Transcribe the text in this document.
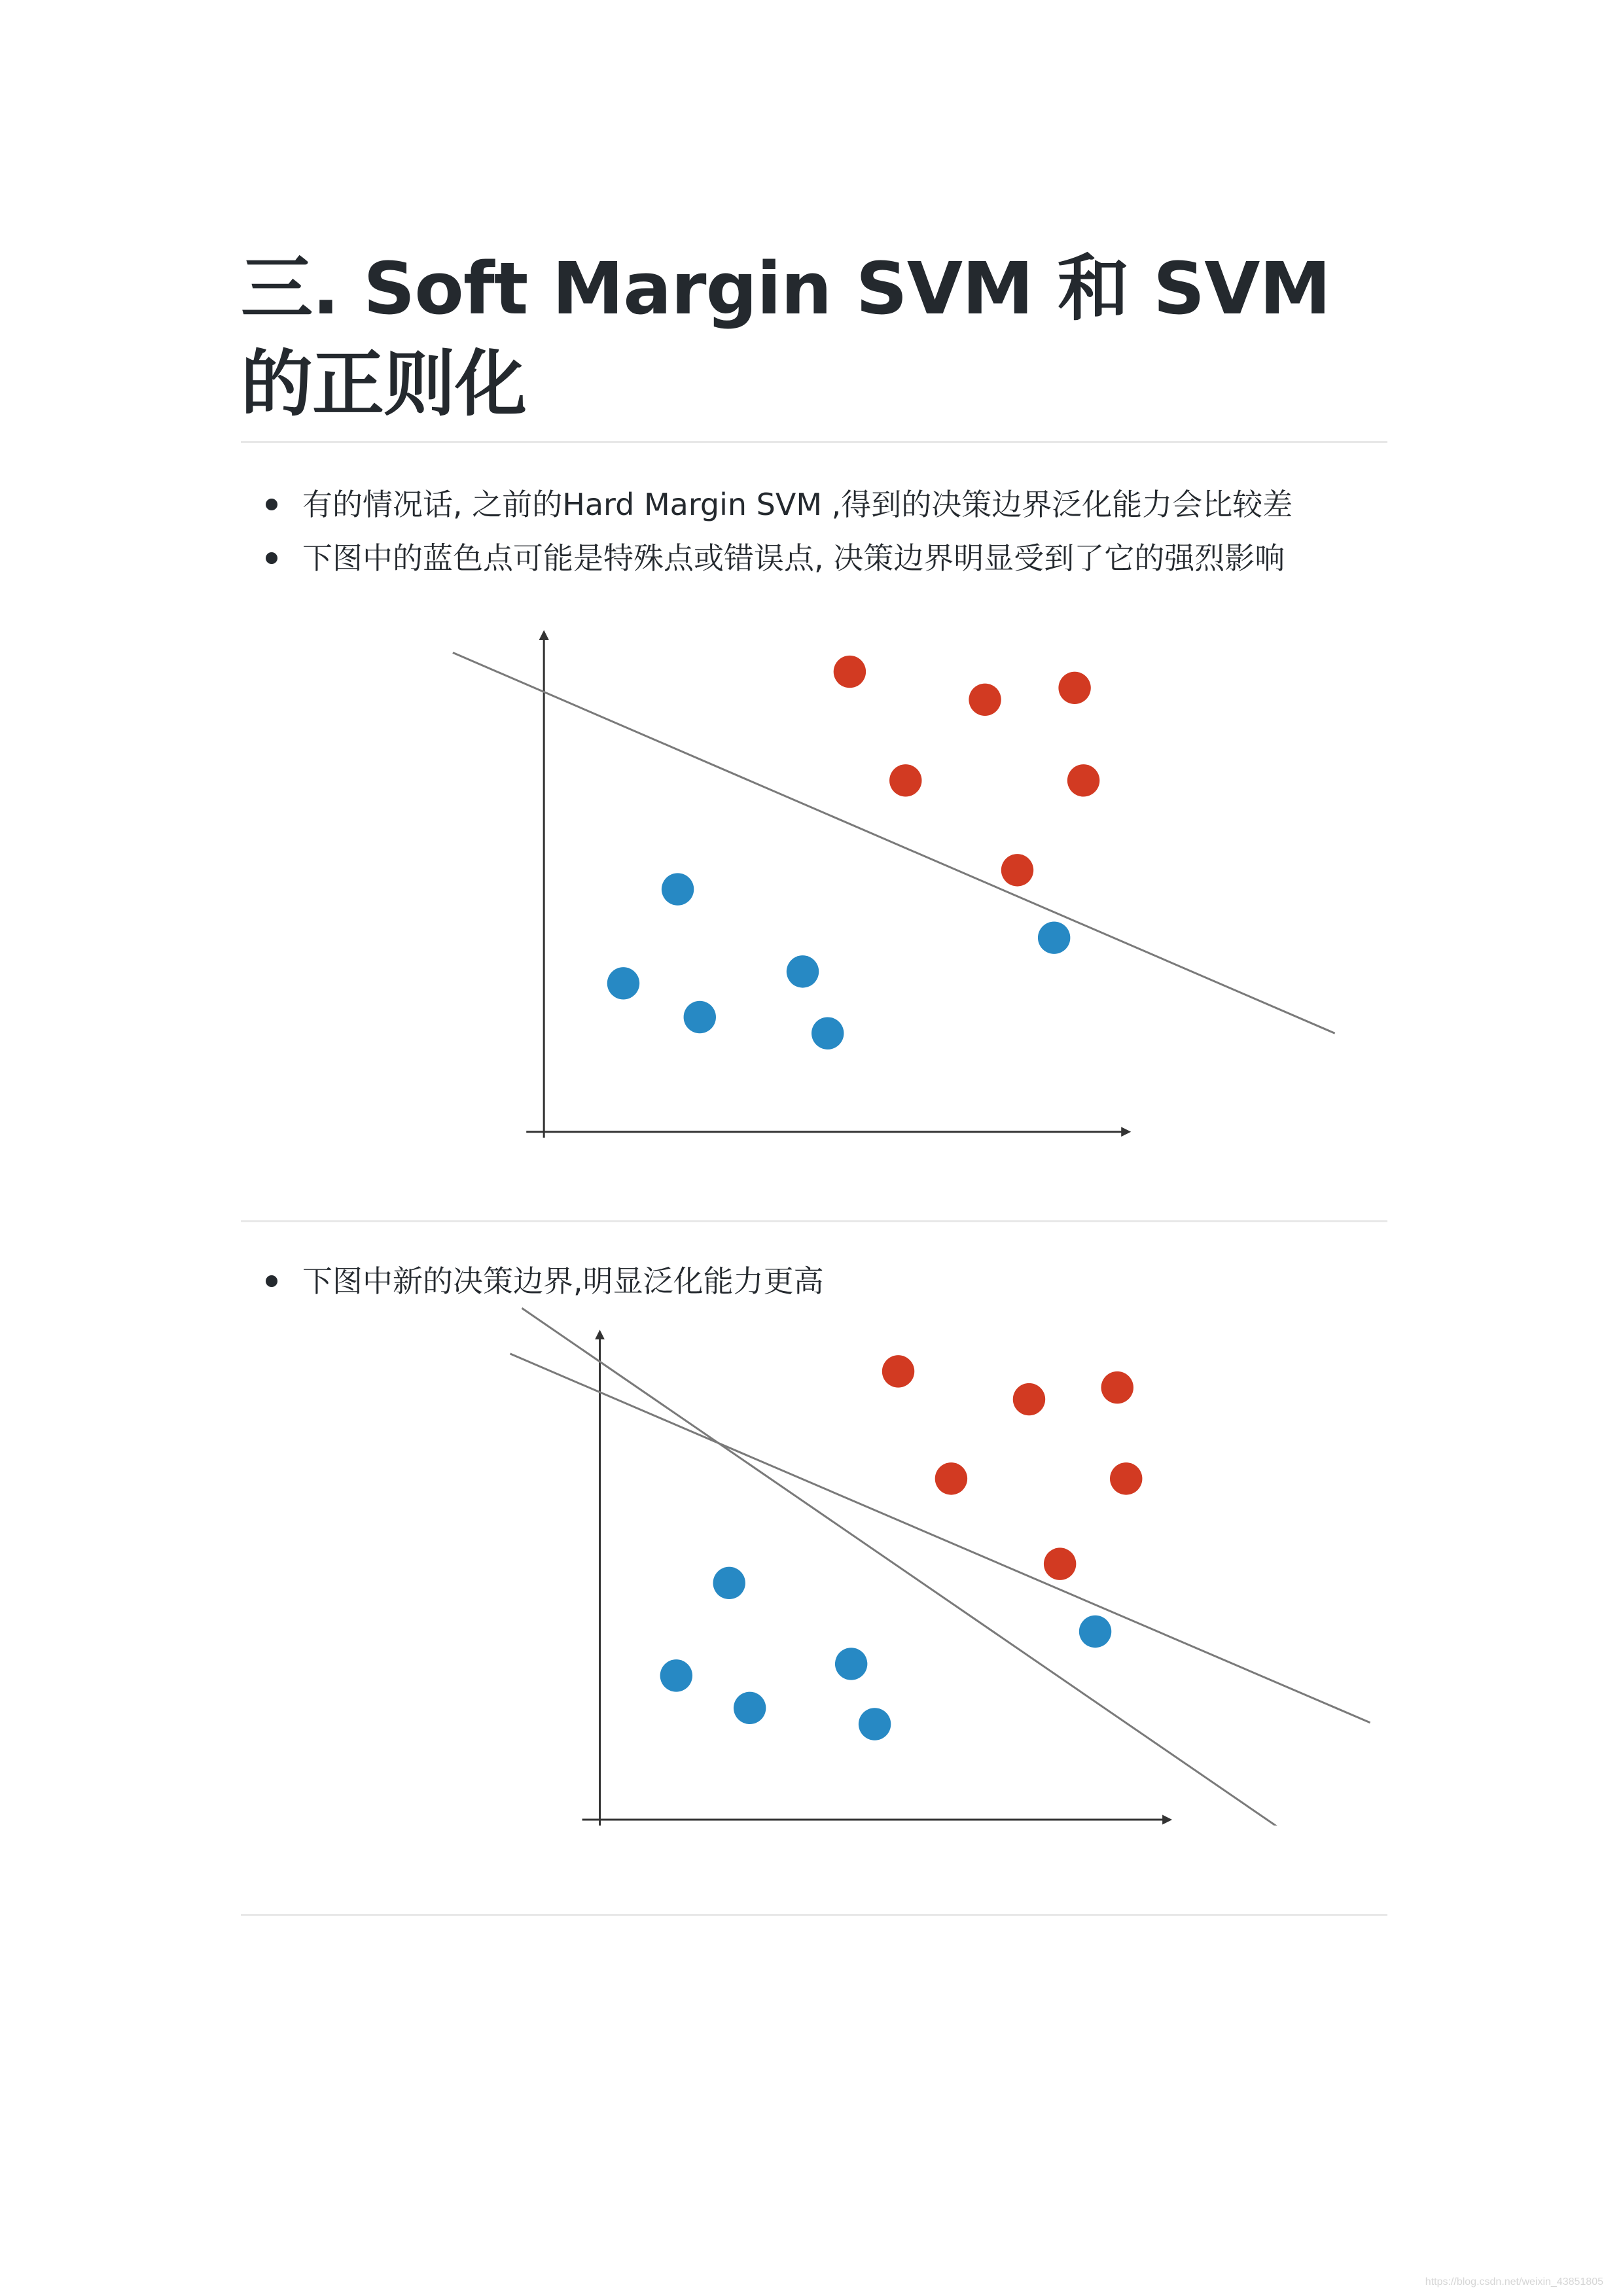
三. Soft Margin SVM 和 SVM的正则化
有的情况话, 之前的Hard Margin SVM ,得到的决策边界泛化能力会比较差
下图中的蓝色点可能是特殊点或错误点, 决策边界明显受到了它的强烈影响
下图中新的决策边界,明显泛化能力更高
https://blog.csdn.net/weixin_43851805
